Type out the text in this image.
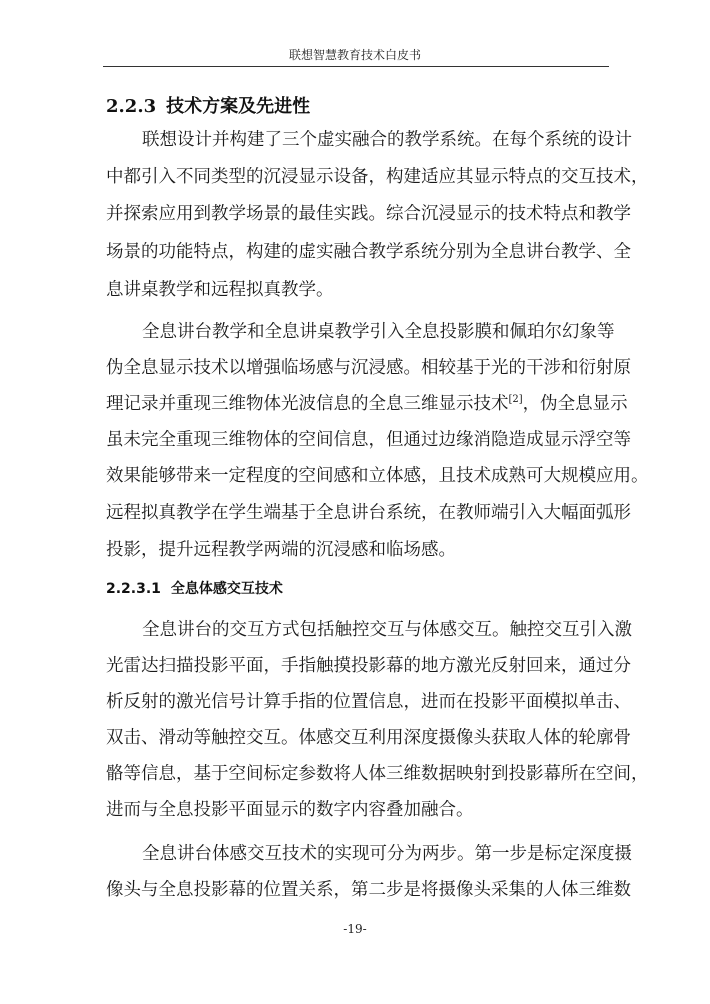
联想智慧教育技术白皮书
2.2.3 技术方案及先进性
联想设计并构建了三个虚实融合的教学系统。在每个系统的设计
中都引入不同类型的沉浸显示设备，构建适应其显示特点的交互技术，
并探索应用到教学场景的最佳实践。综合沉浸显示的技术特点和教学
场景的功能特点，构建的虚实融合教学系统分别为全息讲台教学、全
息讲桌教学和远程拟真教学。
全息讲台教学和全息讲桌教学引入全息投影膜和佩珀尔幻象等
伪全息显示技术以增强临场感与沉浸感。相较基于光的干涉和衍射原
理记录并重现三维物体光波信息的全息三维显示技术[2]，伪全息显示
虽未完全重现三维物体的空间信息，但通过边缘消隐造成显示浮空等
效果能够带来一定程度的空间感和立体感，且技术成熟可大规模应用。
远程拟真教学在学生端基于全息讲台系统，在教师端引入大幅面弧形
投影，提升远程教学两端的沉浸感和临场感。
2.2.3.1 全息体感交互技术
全息讲台的交互方式包括触控交互与体感交互。触控交互引入激
光雷达扫描投影平面，手指触摸投影幕的地方激光反射回来，通过分
析反射的激光信号计算手指的位置信息，进而在投影平面模拟单击、
双击、滑动等触控交互。体感交互利用深度摄像头获取人体的轮廓骨
骼等信息，基于空间标定参数将人体三维数据映射到投影幕所在空间，
进而与全息投影平面显示的数字内容叠加融合。
全息讲台体感交互技术的实现可分为两步。第一步是标定深度摄
像头与全息投影幕的位置关系，第二步是将摄像头采集的人体三维数
-19-
